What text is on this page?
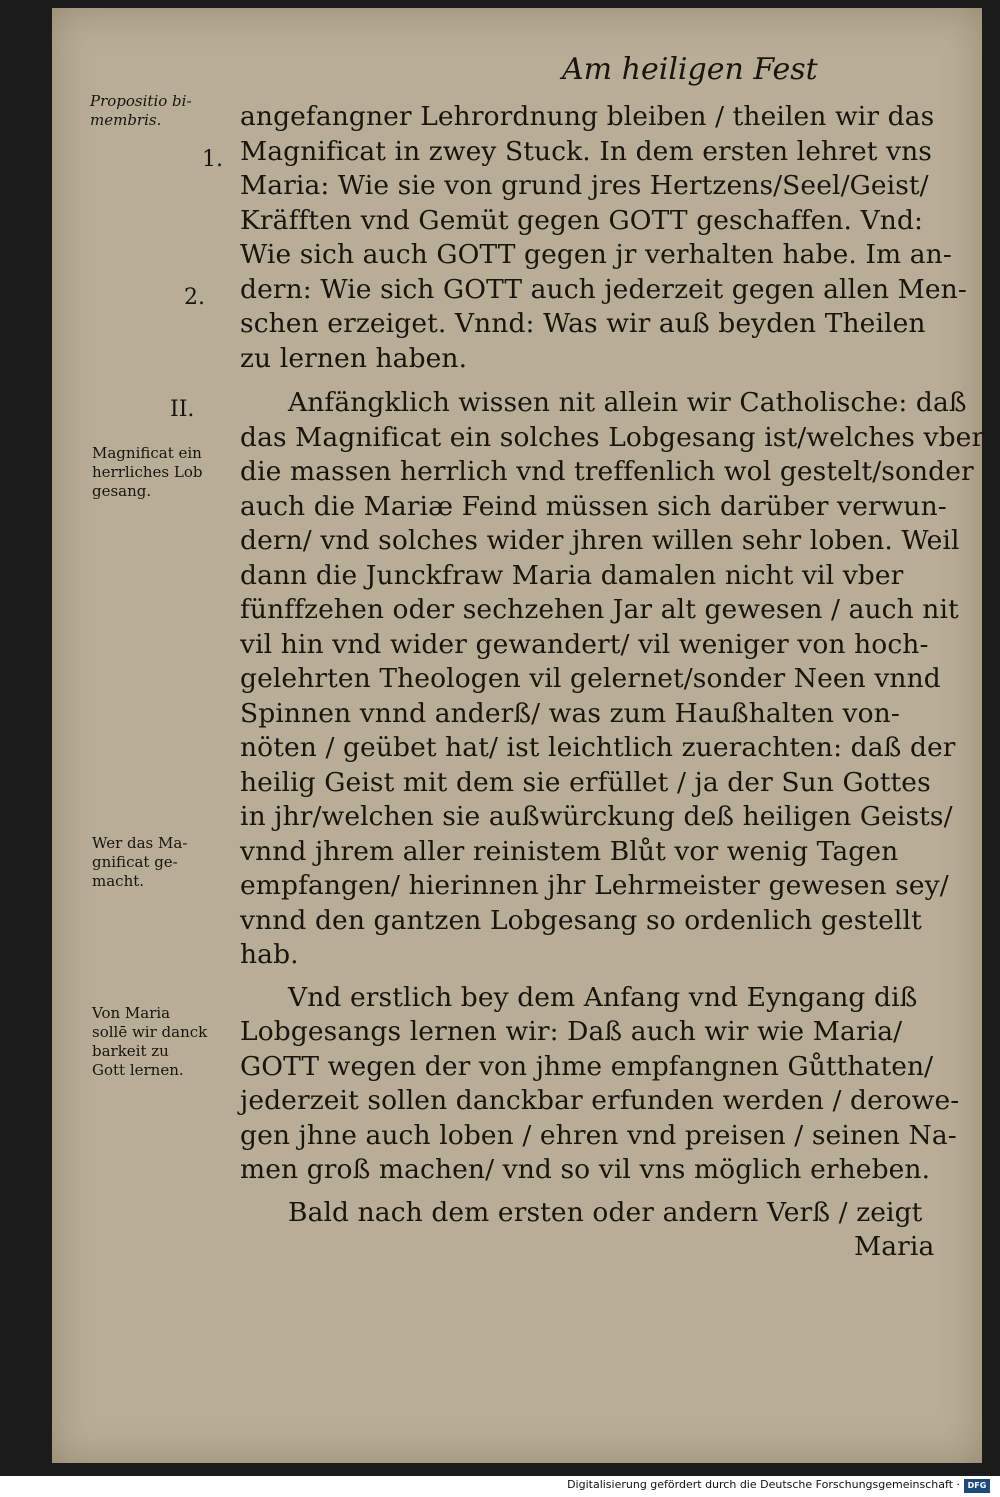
Am heiligen Fest
Propositio bi-
membris.
1.
2.
II.
Magnificat ein
herrliches Lob
gesang.
Wer das Ma-
gnificat ge-
macht.
Von Maria
sollē wir danck
barkeit zu
Gott lernen.
angefangner Lehrordnung bleiben / theilen wir das
Magnificat in zwey Stuck. In dem ersten lehret vns
Maria: Wie sie von grund jres Hertzens/Seel/Geist/
Kräfften vnd Gemüt gegen GOTT geschaffen. Vnd:
Wie sich auch GOTT gegen jr verhalten habe. Im an-
dern: Wie sich GOTT auch jederzeit gegen allen Men-
schen erzeiget. Vnnd: Was wir auß beyden Theilen
zu lernen haben.
Anfängklich wissen nit allein wir Catholische: daß
das Magnificat ein solches Lobgesang ist/welches vber
die massen herrlich vnd treffenlich wol gestelt/sonder
auch die Mariæ Feind müssen sich darüber verwun-
dern/ vnd solches wider jhren willen sehr loben. Weil
dann die Junckfraw Maria damalen nicht vil vber
fünffzehen oder sechzehen Jar alt gewesen / auch nit
vil hin vnd wider gewandert/ vil weniger von hoch-
gelehrten Theologen vil gelernet/sonder Neen vnnd
Spinnen vnnd anderß/ was zum Haußhalten von-
nöten / geübet hat/ ist leichtlich zuerachten: daß der
heilig Geist mit dem sie erfüllet / ja der Sun Gottes
in jhr/welchen sie außwürckung deß heiligen Geists/
vnnd jhrem aller reinistem Blůt vor wenig Tagen
empfangen/ hierinnen jhr Lehrmeister gewesen sey/
vnnd den gantzen Lobgesang so ordenlich gestellt
hab.
Vnd erstlich bey dem Anfang vnd Eyngang diß
Lobgesangs lernen wir: Daß auch wir wie Maria/
GOTT wegen der von jhme empfangnen Gůtthaten/
jederzeit sollen danckbar erfunden werden / derowe-
gen jhne auch loben / ehren vnd preisen / seinen Na-
men groß machen/ vnd so vil vns möglich erheben.
Bald nach dem ersten oder andern Verß / zeigt
Maria
Digitalisierung gefördert durch die Deutsche Forschungsgemeinschaft · DFG
